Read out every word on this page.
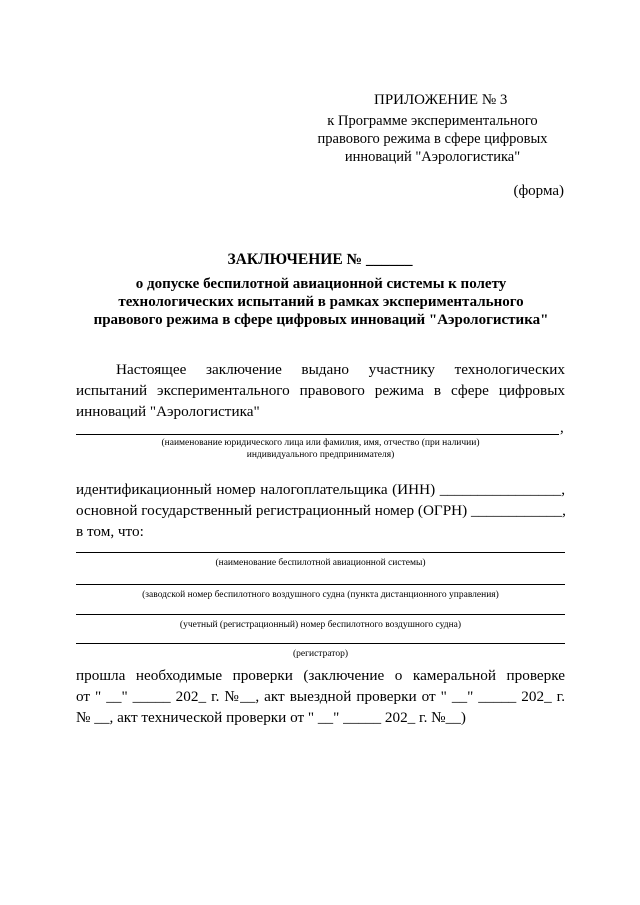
ПРИЛОЖЕНИЕ № 3
к Программе экспериментального
правового режима в сфере цифровых
инноваций "Аэрологистика"
(форма)
ЗАКЛЮЧЕНИЕ № ______
о допуске беспилотной авиационной системы к полету
технологических испытаний в рамках экспериментального
правового режима в сфере цифровых инноваций "Аэрологистика"
Настоящее заключение выдано участнику технологических
испытаний экспериментального правового режима в сфере цифровых
инноваций "Аэрологистика"
,
(наименование юридического лица или фамилия, имя, отчество (при наличии)
индивидуального предпринимателя)
идентификационный номер налогоплательщика (ИНН) ________________,
основной государственный регистрационный номер (ОГРН) ____________,
в том, что:
(наименование беспилотной авиационной системы)
(заводской номер беспилотного воздушного судна (пункта дистанционного управления)
(учетный (регистрационный) номер беспилотного воздушного судна)
(регистратор)
прошла необходимые проверки (заключение о камеральной проверке
от " __" _____ 202_ г. №__, акт выездной проверки от " __" _____ 202_ г.
№ __, акт технической проверки от " __" _____ 202_ г. №__)
